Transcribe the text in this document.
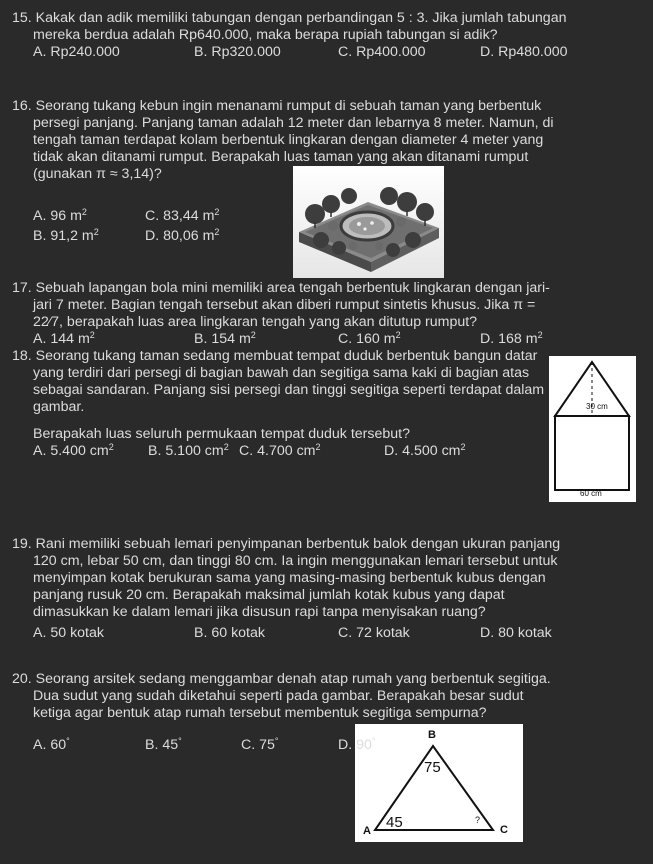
15. Kakak dan adik memiliki tabungan dengan perbandingan 5 : 3. Jika jumlah tabungan
mereka berdua adalah Rp640.000, maka berapa rupiah tabungan si adik?
A. Rp240.000	B. Rp320.000	C. Rp400.000	D. Rp480.000
16. Seorang tukang kebun ingin menanami rumput di sebuah taman yang berbentuk
persegi panjang. Panjang taman adalah 12 meter dan lebarnya 8 meter. Namun, di
tengah taman terdapat kolam berbentuk lingkaran dengan diameter 4 meter yang
tidak akan ditanami rumput. Berapakah luas taman yang akan ditanami rumput
(gunakan π ≈ 3,14)?
A. 96 $m^2$	C. 83,44 $m^2$
B. 91,2 $m^2$	D. 80,06 $m^2$
17. Sebuah lapangan bola mini memiliki area tengah berbentuk lingkaran dengan jari-
jari 7 meter. Bagian tengah tersebut akan diberi rumput sintetis khusus. Jika π =
22⁄7, berapakah luas area lingkaran tengah yang akan ditutup rumput?
A. 144 $m^2$	B. 154 $m^2$	C. 160 $m^2$	D. 168 $m^2$
30 cm
60 cm
18. Seorang tukang taman sedang membuat tempat duduk berbentuk bangun datar
yang terdiri dari persegi di bagian bawah dan segitiga sama kaki di bagian atas
sebagai sandaran. Panjang sisi persegi dan tinggi segitiga seperti terdapat dalam
gambar.
Berapakah luas seluruh permukaan tempat duduk tersebut?
A. 5.400 $cm^2$ B. 5.100 $cm^2$ C. 4.700 $cm^2$	D. 4.500 $cm^2$
19. Rani memiliki sebuah lemari penyimpanan berbentuk balok dengan ukuran panjang
120 cm, lebar 50 cm, dan tinggi 80 cm. Ia ingin menggunakan lemari tersebut untuk
menyimpan kotak berukuran sama yang masing-masing berbentuk kubus dengan
panjang rusuk 20 cm. Berapakah maksimal jumlah kotak kubus yang dapat
dimasukkan ke dalam lemari jika disusun rapi tanpa menyisakan ruang?
A. 50 kotak	B. 60 kotak	C. 72 kotak	D. 80 kotak
B
75
A 45	?
C
20. Seorang arsitek sedang menggambar denah atap rumah yang berbentuk segitiga.
Dua sudut yang sudah diketahui seperti pada gambar. Berapakah besar sudut
ketiga agar bentuk atap rumah tersebut membentuk segitiga sempurna?
A. 60°	B. 45°	C. 75°	D. 90°
